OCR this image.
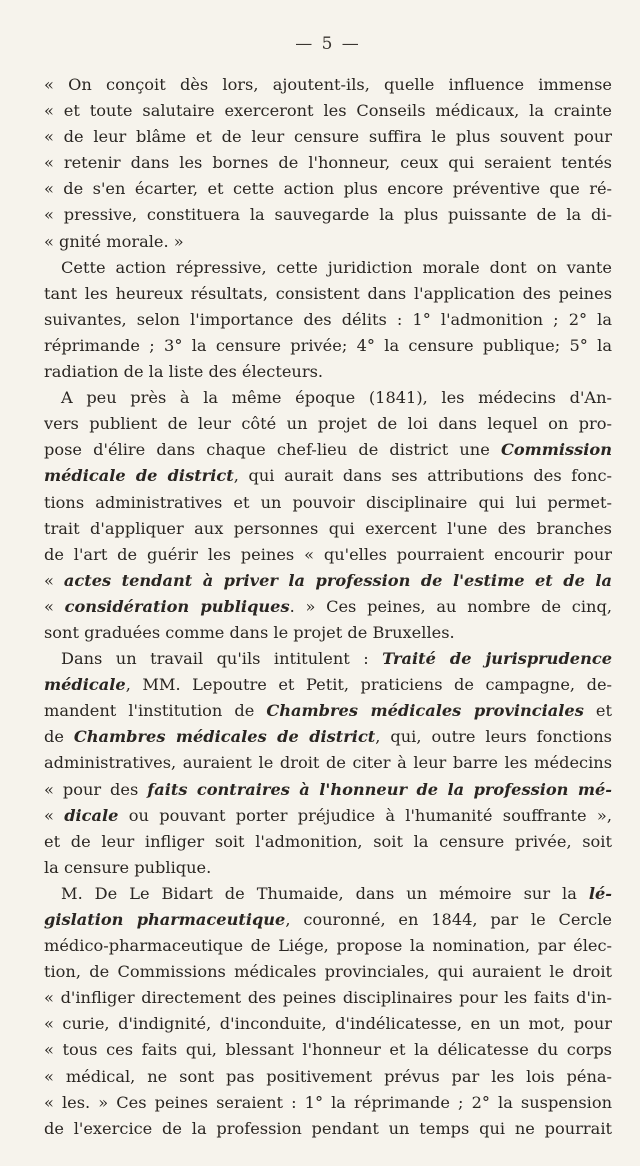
— 5 —
« On conçoit dès lors, ajoutent-ils, quelle influence immense
« et toute salutaire exerceront les Conseils médicaux, la crainte
« de leur blâme et de leur censure suffira le plus souvent pour
« retenir dans les bornes de l'honneur, ceux qui seraient tentés
« de s'en écarter, et cette action plus encore préventive que ré-
« pressive, constituera la sauvegarde la plus puissante de la di-
« gnité morale. »
Cette action répressive, cette juridiction morale dont on vante
tant les heureux résultats, consistent dans l'application des peines
suivantes, selon l'importance des délits : 1° l'admonition ; 2° la
réprimande ; 3° la censure privée; 4° la censure publique; 5° la
radiation de la liste des électeurs.
A peu près à la même époque (1841), les médecins d'An-
vers publient de leur côté un projet de loi dans lequel on pro-
pose d'élire dans chaque chef-lieu de district une Commission
médicale de district, qui aurait dans ses attributions des fonc-
tions administratives et un pouvoir disciplinaire qui lui permet-
trait d'appliquer aux personnes qui exercent l'une des branches
de l'art de guérir les peines « qu'elles pourraient encourir pour
« actes tendant à priver la profession de l'estime et de la
« considération publiques. » Ces peines, au nombre de cinq,
sont graduées comme dans le projet de Bruxelles.
Dans un travail qu'ils intitulent : Traité de jurisprudence
médicale, MM. Lepoutre et Petit, praticiens de campagne, de-
mandent l'institution de Chambres médicales provinciales et
de Chambres médicales de district, qui, outre leurs fonctions
administratives, auraient le droit de citer à leur barre les médecins
« pour des faits contraires à l'honneur de la profession mé-
« dicale ou pouvant porter préjudice à l'humanité souffrante »,
et de leur infliger soit l'admonition, soit la censure privée, soit
la censure publique.
M. De Le Bidart de Thumaide, dans un mémoire sur la lé-
gislation pharmaceutique, couronné, en 1844, par le Cercle
médico-pharmaceutique de Liége, propose la nomination, par élec-
tion, de Commissions médicales provinciales, qui auraient le droit
« d'infliger directement des peines disciplinaires pour les faits d'in-
« curie, d'indignité, d'inconduite, d'indélicatesse, en un mot, pour
« tous ces faits qui, blessant l'honneur et la délicatesse du corps
« médical, ne sont pas positivement prévus par les lois péna-
« les. » Ces peines seraient : 1° la réprimande ; 2° la suspension
de l'exercice de la profession pendant un temps qui ne pourrait
